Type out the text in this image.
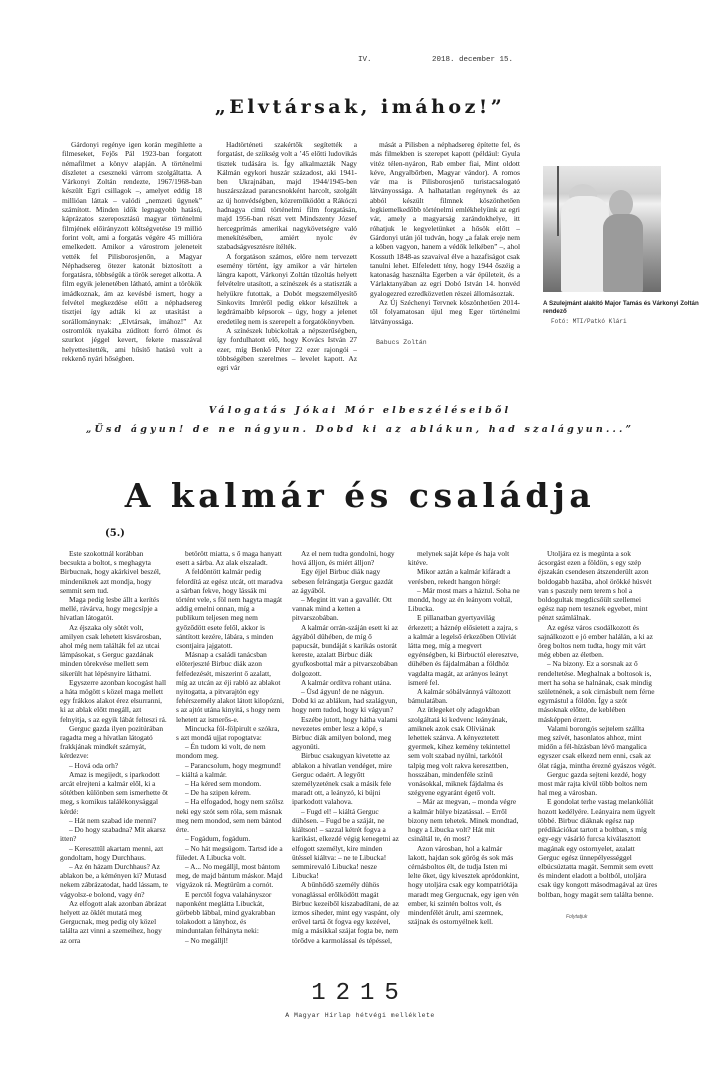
IV.	2018. december 15.
„Elvtársak, imához!”

Gárdonyi regénye igen korán megihlette a filmeseket, Fejős Pál 1923-ban forgatott némafilmet a könyv alapján. A történelmi díszletet a cseszneki várrom szolgáltatta. A Várkonyi Zoltán rendezte, 1967/1968-ban készült Egri csillagok –, amelyet eddig 18 millióan láttak – valódi „nemzeti ügynek” számított. Minden idők legnagyobb hatású, káprázatos szereposztású magyar történelmi filmjének előirányzott költségvetése 19 millió forint volt, ami a forgatás végére 45 millióra emelkedett. Amikor a várostrom jeleneteit vették fel Pilisborosjenőn, a Magyar Néphadsereg ötezer katonát biztosított a forgatásra, többségük a török sereget alkotta. A film egyik jelenetében látható, amint a törökök imádkoznak, ám az kevésbé ismert, hogy a felvétel megkezdése előtt a néphadsereg tisztjei így adták ki az utasítást a sorállománynak: „Elvtársak, imához!” Az ostromlók nyakába zúdított forró ólmot és szurkot jéggel kevert, fekete masszával helyettesítették, ami hűsítő hatású volt a rekkenő nyári hőségben.

Hadtörténeti szakértők segítették a forgatást, de szükség volt a ’45 előtti ludovikás tisztek tudására is. Így alkalmazták Nagy Kálmán egykori huszár századost, aki 1941-ben Ukrajnában, majd 1944/1945-ben huszárszázad parancsnokként harcolt, szolgált az új honvédségben, közreműködött a Rákóczi hadnagya című történelmi film forgatásán, majd 1956-ban részt vett Mindszenty József hercegprímás amerikai nagykövetségre való menekítésében, amiért nyolc év szabadságvesztésre ítélték.

A forgatáson számos, előre nem tervezett esemény történt, így amikor a vár hirtelen lángra kapott, Várkonyi Zoltán tűzoltás helyett felvételre utasított, a színészek és a statiszták a helyükre futottak, a Dobót megszemélyesítő Sinkovits Imréről pedig ekkor készültek a legdrámaibb képsorok – úgy, hogy a jelenet eredetileg nem is szerepelt a forgatókönyvben.

A színészek lubickoltak a népszerűségben, így fordulhatott elő, hogy Kovács István 27 ezer, míg Benkő Péter 22 ezer rajongói – többségében szerelmes – levelet kapott. Az egri vár

mását a Pilisben a néphadsereg építette fel, és más filmekben is szerepet kapott (például: Gyula vitéz télen-nyáron, Rab ember fiai, Mint oldott kéve, Angyalbőrben, Magyar vándor). A romos vár ma is Pilisborosjenő turistacsalogató látványossága. A halhatatlan regénynek és az abból készült filmnek köszönhetően legkiemelkedőbb történelmi emlékhelyünk az egri vár, amely a magyarság zarándokhelye, itt róhatjuk le kegyeletünket a hősök előtt – Gárdonyi után jól tudván, hogy „a falak ereje nem a kőben vagyon, hanem a védők lelkében” –, ahol Kossuth 1848-as szavaival élve a hazafiságot csak tanulni lehet. Elfeledett tény, hogy 1944 őszéig a katonaság használta Egerben a vár épületeit, és a Várlaktanyában az egri Dobó István 14. honvéd gyalogezred ezredközvetlen részei állomásoztak.

Az Új Széchenyi Tervnek köszönhetően 2014-től folyamatosan újul meg Eger történelmi látványossága.

Babucs Zoltán
A Szulejmánt alakító Major Tamás és Várkonyi Zoltán rendező
Fotó: MTI/Patkó Klári
Válogatás Jókai Mór elbeszéléseiből
„Üsd ágyun! de ne nágyun. Dobd ki az ablákun, had szalágyun...”
A kalmár és családja
(5.)

Este szokottnál korábban becsukta a boltot, s meghagyta Birbucnak, hogy akárkivel beszél, mindeniknek azt mondja, hogy semmit sem tud.

Maga pedig lesbe állt a kerítés mellé, rávárva, hogy megcsípje a hívatlan látogatót.

Az éjszaka oly sötét volt, amilyen csak lehetett kisvárosban, ahol még nem találták fel az utcai lámpásokat, s Gerguc gazdának minden törekvése mellett sem sikerült hat lépésnyire láthatni.

Egyszerre azonban kocogást hall a háta mögött s közel maga mellett egy frákkos alakot érez elsurranni, ki az ablak előtt megáll, azt felnyitja, s az egyik lábát felteszi rá.

Gerguc gazda ilyen pozitúrában ragadta meg a hívatlan látogató frakkjának mindkét szárnyát, kérdezve:

– Hová oda orh?

Amaz is megijedt, s iparkodott arcát elrejteni a kalmár elől, ki a sötétben különben sem ismerhette őt meg, s komikus találékonysággal kérdé:

– Hát nem szabad ide menni?

– Do hogy szabadna? Mit akarsz itten?

– Kereszttűl akartam menni, azt gondoltam, hogy Durchhaus.

– Az én házam Durchhaus? Az ablakon be, a kéményen ki? Mutasd nekem zábrázatodat, hadd lássam, te vágyolsz-e bolond, vagy én?

Az elfogott alak azonban ábrázat helyett az öklét mutatá meg Gergucnak, meg pedig oly közel találta azt vinni a szemeihez, hogy az orra

betörött miatta, s ő maga hanyatt esett a sárba. Az alak elszaladt.

A feldöntött kalmár pedig felordítá az egész utcát, ott maradva a sárban fekve, hogy lássák mi történt vele, s föl nem hagyta magát addig emelni onnan, míg a publikum teljesen meg nem győződött esete felől, akkor is sántított kezére, lábára, s minden csontjaira jajgatott.

Másnap a családi tanácsban előterjeszté Birbuc diák azon felfedezését, miszerint ő azalatt, míg az utcán az éji rabló az ablakot nyitogatta, a pitvarajtón egy fehérszemély alakot látott kilopózni, s az ajtót utána kinyitá, s hogy nem lehetett az ismerős-e.

Mincucka föl-fölpirult e szókra, s azt mondá ujjat ropogtatva:

– Én tudom ki volt, de nem mondom meg.

– Parancsolum, hogy megmund! – kiáltá a kalmár.

– Ha kéred sem mondom.

– De ha szipen kérem.

– Ha elfogadod, hogy nem szólsz neki egy szót sem róla, sem másnak meg nem mondod, sem nem bántod érte.

– Fogádum, fogádum.

– No hát megsúgom. Tartsd ide a füledet. A Libucka volt.

– A... No megálljl, most bántom meg, de majd bántum máskor. Majd vigyázok rá. Megtürüm a cornót.

E perctől fogva valahányszor naponként meglátta Libuckát, görbebb lábbal, mind gyakrabban tolakodott a lányhoz, és minduntalan felhányta neki:

– No megálljl!

Az el nem tudta gondolni, hogy hová álljon, és miért álljon?

Egy éjjel Birbuc diák nagy sebesen felrángatja Gerguc gazdát az ágyából.

– Megint itt van a gavallér. Ott vannak mind a ketten a pitvarszobában.

A kalmár orrán-száján esett ki az ágyából dühében, de míg ő papucsát, bundáját s karikás ostorát kereste, azalatt Birbuc diák gyufkosbottal már a pitvarszobában dolgozott.

A kalmár ordítva rohant utána.

– Üsd ágyun! de ne nágyun. Dobd ki az ablákun, had szalágyun, hogy nem tudod, hogy ki vágyun?

Eszébe jutott, hogy hátha valami nevezetes ember lesz a kópé, s Birbuc diák amilyen bolond, meg agyonüti.

Birbuc csakugyan kivetette az ablakon a hívatlan vendéget, mire Gerguc odaért. A legyőtt személyzetének csak a másik fele maradt ott, a leányzó, ki bújni iparkodott valahova.

– Fugd el! – kiáltá Gerguc dühösen. – Fugd be a száját, ne kiáltson! – sazzal kétrét fogva a karikást, elkezdé végig kenegetni az elfogott személyt, kire minden ütéssel kiáltva: – ne te Libucka! semmirevaló Libucka! nesze Libucka!

A bűnhődő személy dühös vonaglással erőlködött magát Birbuc kezeiből kiszabadítani, de az izmos siheder, mint egy vaspánt, oly erővel tartá őt fogva egy kezével, míg a másikkal szájat fogta be, nem törődve a karmolással és tépéssel,

melynek saját képe és haja volt kitéve.

Mikor aztán a kalmár kifáradt a verésben, rekedt hangon hörgé:

– Már most mars a háztul. Soha ne mondd, hogy az én leányom voltál, Libucka.

E pillanatban gyertyavilág érkezett; a háznép elősietett a zajra, s a kalmár a legelső érkezőben Olíviát látta meg, míg a megvert egyénségben, ki Birbuctól eleresztve, dühében és fájdalmában a földhöz vagdalta magát, az arányos leányt ismeré fel.

A kalmár sóbálvánnyá változott bámulatában.

Az ütlegeket oly adagokban szolgáltatá ki kedvenc leányának, amiknek azok csak Olíviának lehettek szánva. A kényeztetett gyermek, kihez kemény tekintettel sem volt szabad nyúlni, tarkótól talpig meg volt rakva kereszttben, hosszában, mindenféle színű vonásokkal, miknek fájdalma és szégyene egyaránt égető volt.

– Már az megvan, – monda végre a kalmár hülye bizatással. – Erről bizony nem tehetek. Minek mondtad, hogy a Libucka volt? Hát mit csináltál te, én most?

Azon városban, hol a kalmár lakott, hajdan sok görög és sok más cérnásboltos élt, de tudja Isten mi lelte őket, úgy kivesztek apródonkint, hogy utoljára csak egy kompatriótája maradt meg Gergucnak, egy igen vén ember, ki szintén boltos volt, és mindenfélét árult, ami szemnek, szájnak és ostornyélnek kell.

Utoljára ez is megúnta a sok ácsorgást ezen a földön, s egy szép éjszakán csendesen átszenderült azon boldogabb hazába, ahol örökké húsvét van s paszuly nem terem s hol a boldogultak megdicsőült szellemei egész nap nem tesznek egyebet, mint pénzt számlálnak.

Az egész város csodálkozott és sajnálkozott e jó ember halálán, a ki az öreg boltos nem tudta, hogy mit várt még ebben az életben.

– Na bizony. Ez a sorsnak az ő rendeltetése. Meghalnak a boltosok is, mert ha soha se halnának, csak mindig születnének, a sok cirnásbult nem férne egymástul a földön. Így a szót másoknak előtte, de keblében másképpen érzett.

Valami borongós sejtelem szállta meg szívét, hasonlatos ahhoz, mint midőn a fél-hízásban lévő mangalica egyszer csak elkezd nem enni, csak az ólat rágja, mintha érezné gyászos végét.

Gerguc gazda sejteni kezdé, hogy most már rajta kívül több boltos nem hal meg a városban.

E gondolat terhe vastag melankóliát hozott kedélyére. Leányaira nem ügyelt többé. Birbuc diáknak egész nap prédikációkat tartott a boltban, s míg egy-egy vásárló furcsa kiválasztott magának egy ostornyelet, azalatt Gerguc egész ünnepélyességgel elbúcsúztatta magát. Semmit sem evett és mindent eladott a boltból, utoljára csak úgy kongott másodmagával az üres boltban, hogy magát sem találta benne.

Folytatjuk
1215
A Magyar Hírlap hétvégi melléklete
